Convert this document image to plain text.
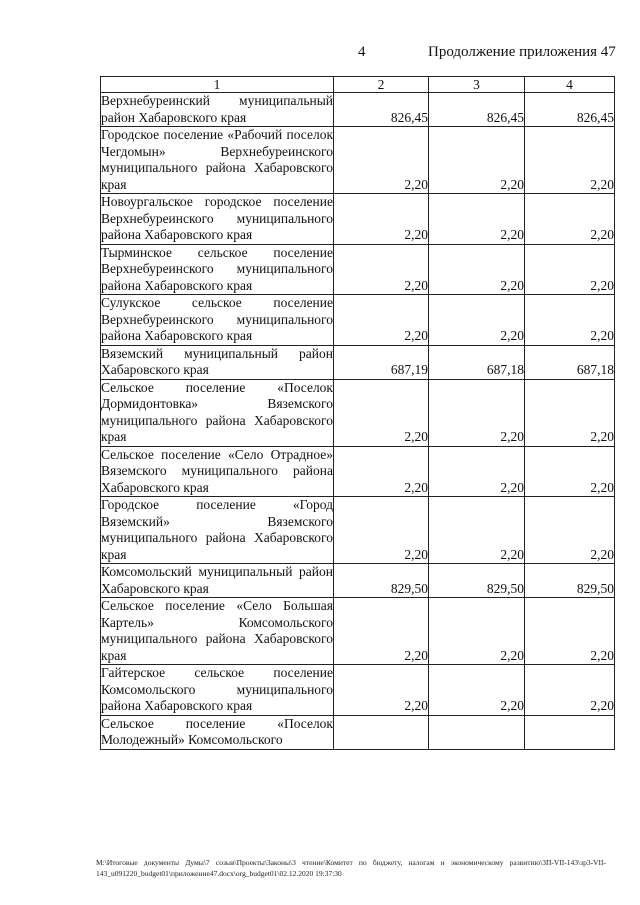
4	Продолжение приложения 47
1	2	3	4
Верхнебуреинский муниципальный район Хабаровского края	826,45	826,45	826,45
Городское поселение «Рабочий поселок Чегдомын» Верхнебуреинского муниципального района Хабаровского края	2,20	2,20	2,20
Новоургальское городское поселение Верхнебуреинского муниципального района Хабаровского края	2,20	2,20	2,20
Тырминское сельское поселение Верхнебуреинского муниципального района Хабаровского края	2,20	2,20	2,20
Сулукское сельское поселение Верхнебуреинского муниципального района Хабаровского края	2,20	2,20	2,20
Вяземский муниципальный район Хабаровского края	687,19	687,18	687,18
Сельское поселение «Поселок Дормидонтовка» Вяземского муниципального района Хабаровского края	2,20	2,20	2,20
Сельское поселение «Село Отрадное» Вяземского муниципального района Хабаровского края	2,20	2,20	2,20
Городское поселение «Город Вяземский» Вяземского муниципального района Хабаровского края	2,20	2,20	2,20
Комсомольский муниципальный район Хабаровского края	829,50	829,50	829,50
Сельское поселение «Село Большая Картель» Комсомольского муниципального района Хабаровского края	2,20	2,20	2,20
Гайтерское сельское поселение Комсомольского муниципального района Хабаровского края	2,20	2,20	2,20
Сельское поселение «Поселок Молодежный» Комсомольского			
M:\Итоговые документы Думы\7 созыв\Проекты\Законы\3 чтение\Комитет по бюджету, налогам и экономическому развитию\3П-VII-143\зр3-VII-143_u091220_budget01\приложение47.docx\org_budget01\02.12.2020 19:37:30
